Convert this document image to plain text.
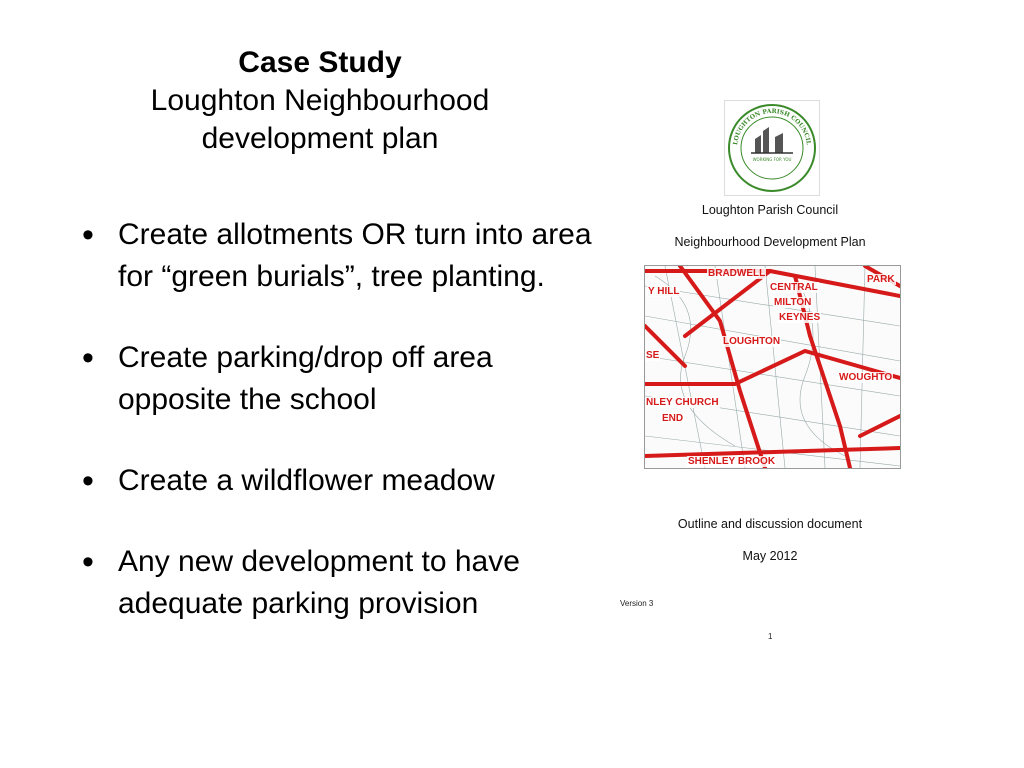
Case Study
Loughton Neighbourhood
development plan
• Create allotments OR turn into area for “green burials”, tree planting.
• Create parking/drop off area opposite the school
• Create a wildflower meadow
• Any new development to have adequate parking provision
WORKING FOR YOU
LOUGHTON PARISH COUNCIL
Loughton Parish Council
Neighbourhood Development Plan
BRADWELL
PARK
Y HILL	CENTRAL
MILTON
KEYNES
LOUGHTON
SE
WOUGHTO
NLEY CHURCH
END
SHENLEY BROOK
Outline and discussion document
May 2012
Version 3
1
